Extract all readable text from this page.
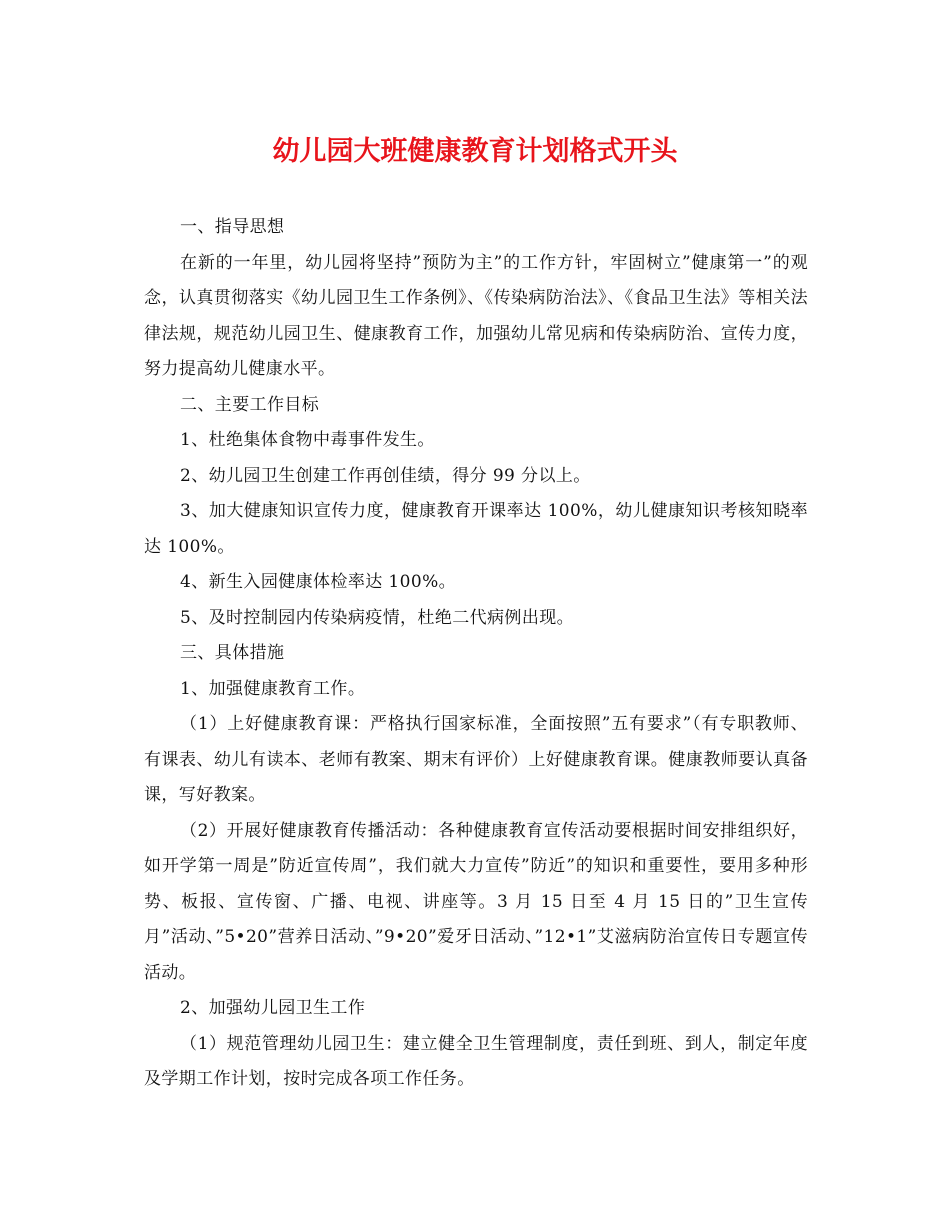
幼儿园大班健康教育计划格式开头

一、指导思想

在新的一年里，幼儿园将坚持”预防为主”的工作方针，牢固树立”健康第一”的观念，认真贯彻落实《幼儿园卫生工作条例》、《传染病防治法》、《食品卫生法》等相关法律法规，规范幼儿园卫生、健康教育工作，加强幼儿常见病和传染病防治、宣传力度，努力提高幼儿健康水平。

二、主要工作目标

1、杜绝集体食物中毒事件发生。

2、幼儿园卫生创建工作再创佳绩，得分 99 分以上。

3、加大健康知识宣传力度，健康教育开课率达 100%，幼儿健康知识考核知晓率达 100%。

4、新生入园健康体检率达 100%。

5、及时控制园内传染病疫情，杜绝二代病例出现。

三、具体措施

1、加强健康教育工作。

（1）上好健康教育课：严格执行国家标准，全面按照”五有要求”（有专职教师、有课表、幼儿有读本、老师有教案、期末有评价）上好健康教育课。健康教师要认真备课，写好教案。

（2）开展好健康教育传播活动：各种健康教育宣传活动要根据时间安排组织好，如开学第一周是”防近宣传周”，我们就大力宣传”防近”的知识和重要性，要用多种形势、板报、宣传窗、广播、电视、讲座等。3 月 15 日至 4 月 15 日的”卫生宣传月”活动、”5•20”营养日活动、”9•20”爱牙日活动、”12•1”艾滋病防治宣传日专题宣传活动。

2、加强幼儿园卫生工作

（1）规范管理幼儿园卫生：建立健全卫生管理制度，责任到班、到人，制定年度及学期工作计划，按时完成各项工作任务。
